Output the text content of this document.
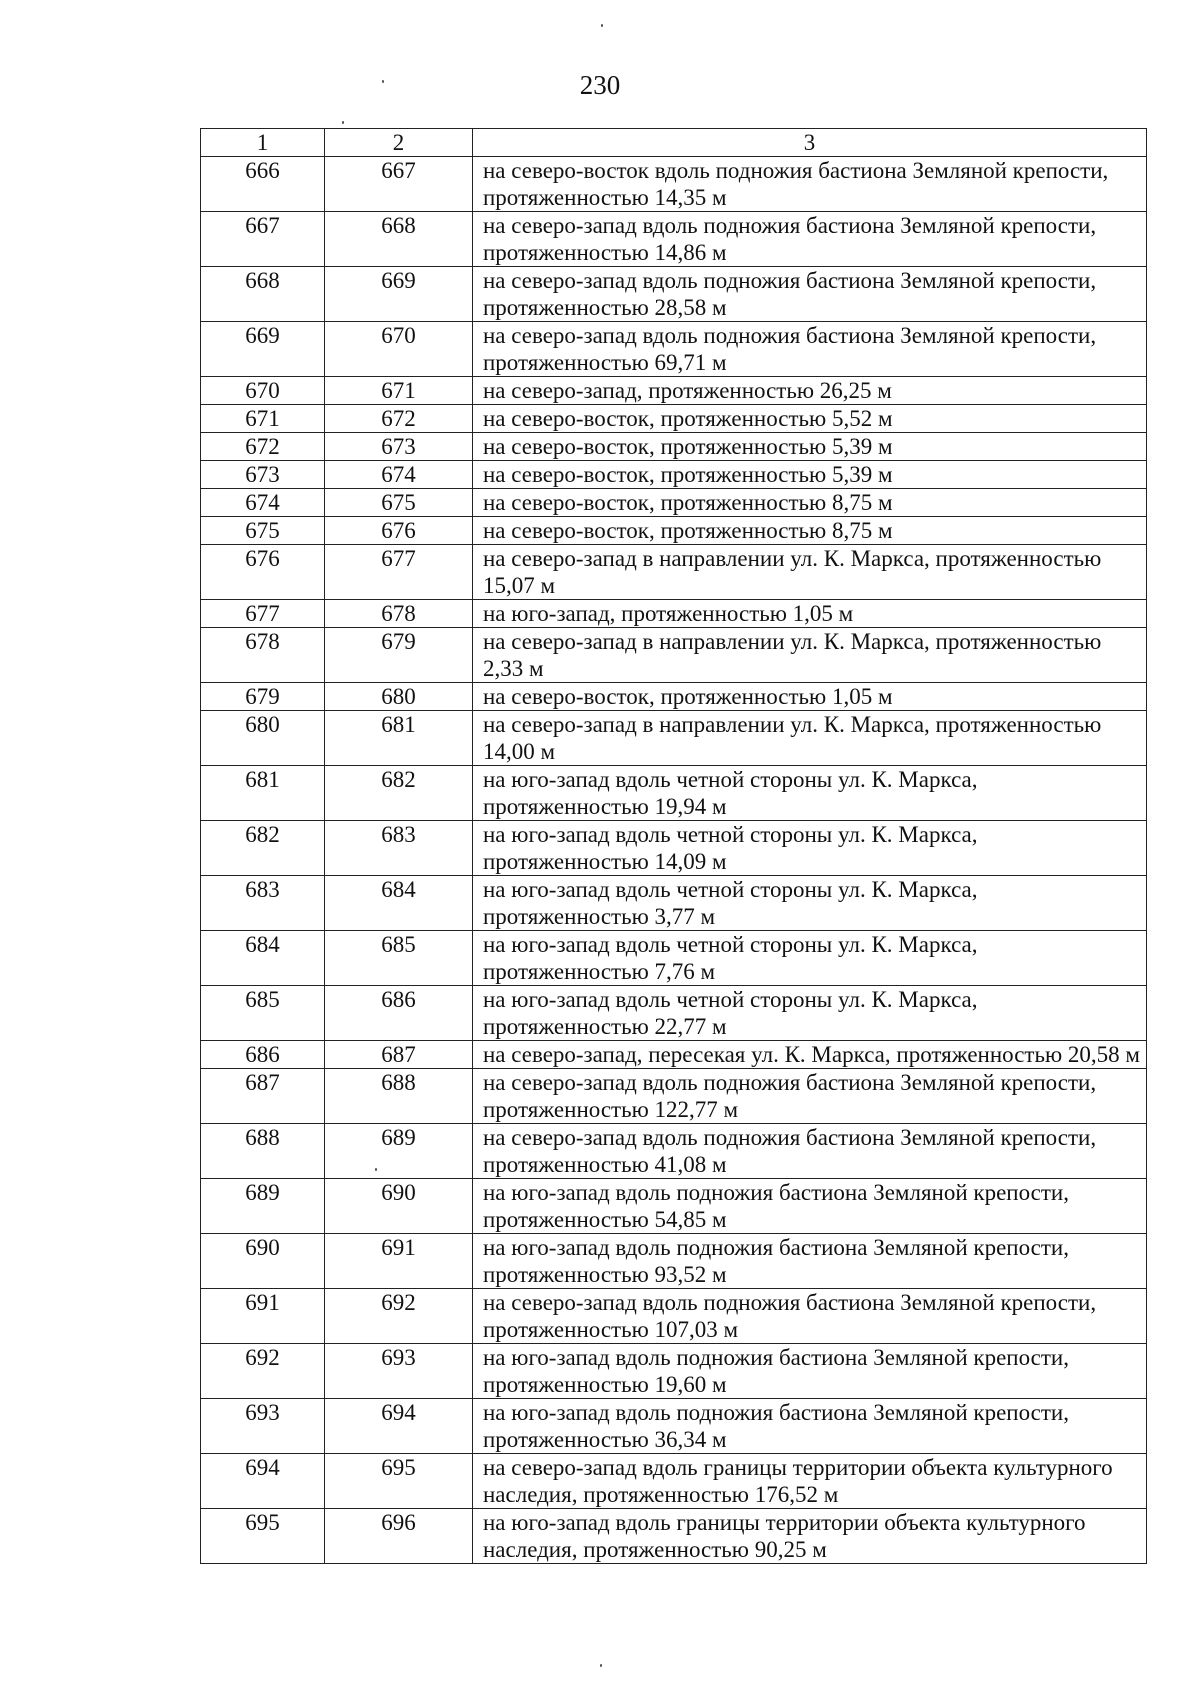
230
1	2	3
666	667	на северо-восток вдоль подножия бастиона Земляной крепости, протяженностью 14,35 м
667	668	на северо-запад вдоль подножия бастиона Земляной крепости, протяженностью 14,86 м
668	669	на северо-запад вдоль подножия бастиона Земляной крепости, протяженностью 28,58 м
669	670	на северо-запад вдоль подножия бастиона Земляной крепости, протяженностью 69,71 м
670	671	на северо-запад, протяженностью 26,25 м
671	672	на северо-восток, протяженностью 5,52 м
672	673	на северо-восток, протяженностью 5,39 м
673	674	на северо-восток, протяженностью 5,39 м
674	675	на северо-восток, протяженностью 8,75 м
675	676	на северо-восток, протяженностью 8,75 м
676	677	на северо-запад в направлении ул. К. Маркса, протяженностью 15,07 м
677	678	на юго-запад, протяженностью 1,05 м
678	679	на северо-запад в направлении ул. К. Маркса, протяженностью 2,33 м
679	680	на северо-восток, протяженностью 1,05 м
680	681	на северо-запад в направлении ул. К. Маркса, протяженностью 14,00 м
681	682	на юго-запад вдоль четной стороны ул. К. Маркса, протяженностью 19,94 м
682	683	на юго-запад вдоль четной стороны ул. К. Маркса, протяженностью 14,09 м
683	684	на юго-запад вдоль четной стороны ул. К. Маркса, протяженностью 3,77 м
684	685	на юго-запад вдоль четной стороны ул. К. Маркса, протяженностью 7,76 м
685	686	на юго-запад вдоль четной стороны ул. К. Маркса, протяженностью 22,77 м
686	687	на северо-запад, пересекая ул. К. Маркса, протяженностью 20,58 м
687	688	на северо-запад вдоль подножия бастиона Земляной крепости, протяженностью 122,77 м
688	689	на северо-запад вдоль подножия бастиона Земляной крепости, протяженностью 41,08 м
689	690	на юго-запад вдоль подножия бастиона Земляной крепости, протяженностью 54,85 м
690	691	на юго-запад вдоль подножия бастиона Земляной крепости, протяженностью 93,52 м
691	692	на северо-запад вдоль подножия бастиона Земляной крепости, протяженностью 107,03 м
692	693	на юго-запад вдоль подножия бастиона Земляной крепости, протяженностью 19,60 м
693	694	на юго-запад вдоль подножия бастиона Земляной крепости, протяженностью 36,34 м
694	695	на северо-запад вдоль границы территории объекта культурного наследия, протяженностью 176,52 м
695	696	на юго-запад вдоль границы территории объекта культурного наследия, протяженностью 90,25 м
